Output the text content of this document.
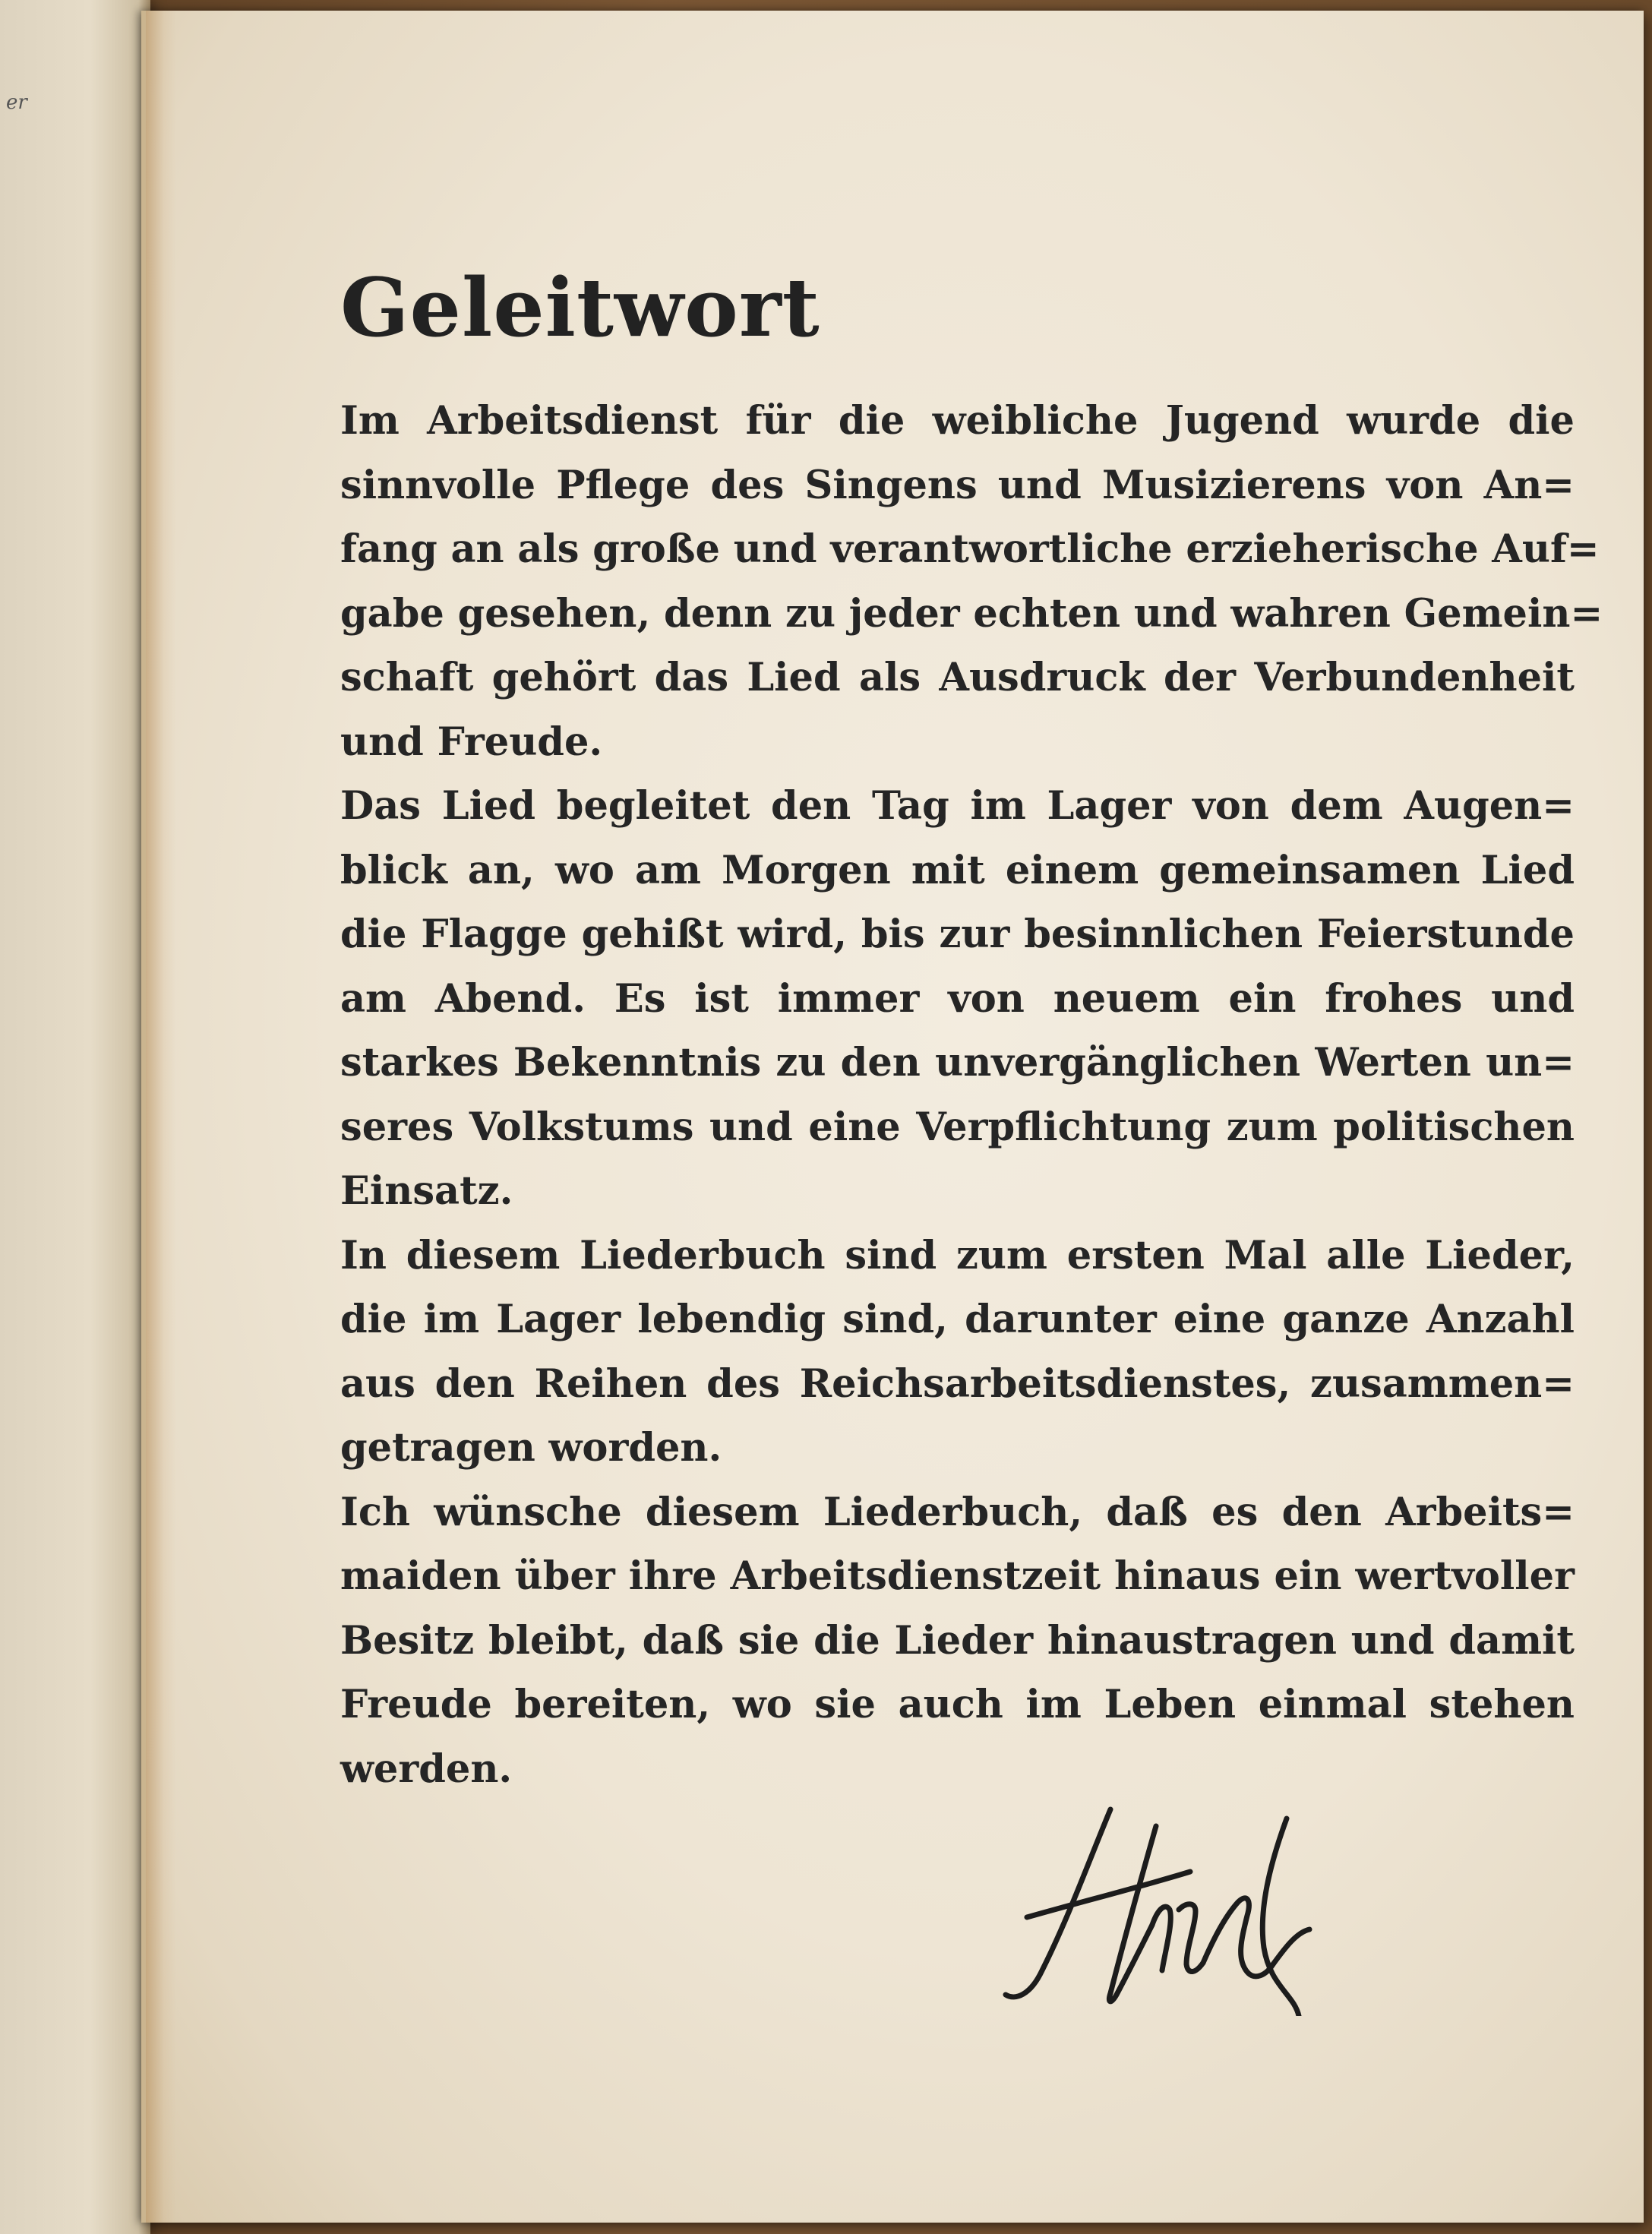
er
Geleitwort
Im Arbeitsdienst für die weibliche Jugend wurde die
sinnvolle Pflege des Singens und Musizierens von An=
fang an als große und verantwortliche erzieherische Auf=
gabe gesehen, denn zu jeder echten und wahren Gemein=
schaft gehört das Lied als Ausdruck der Verbundenheit
und Freude.
Das Lied begleitet den Tag im Lager von dem Augen=
blick an, wo am Morgen mit einem gemeinsamen Lied
die Flagge gehißt wird, bis zur besinnlichen Feierstunde
am Abend. Es ist immer von neuem ein frohes und
starkes Bekenntnis zu den unvergänglichen Werten un=
seres Volkstums und eine Verpflichtung zum politischen
Einsatz.
In diesem Liederbuch sind zum ersten Mal alle Lieder,
die im Lager lebendig sind, darunter eine ganze Anzahl
aus den Reihen des Reichsarbeitsdienstes, zusammen=
getragen worden.
Ich wünsche diesem Liederbuch, daß es den Arbeits=
maiden über ihre Arbeitsdienstzeit hinaus ein wertvoller
Besitz bleibt, daß sie die Lieder hinaustragen und damit
Freude bereiten, wo sie auch im Leben einmal stehen
werden.
